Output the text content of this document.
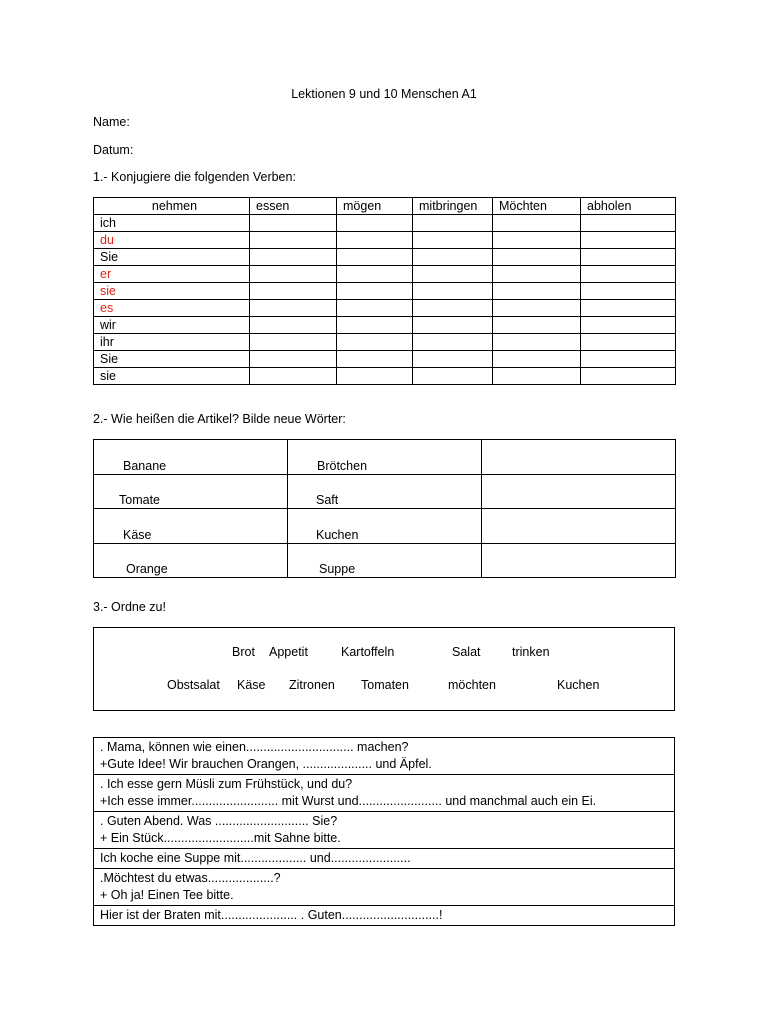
Lektionen 9 und 10 Menschen A1
Name:
Datum:
1.- Konjugiere die folgenden Verben:
nehmen	essen	mögen	mitbringen	Möchten	abholen
ich					
du					
Sie					
er					
sie					
es					
wir					
ihr					
Sie					
sie					
2.- Wie heißen die Artikel? Bilde neue Wörter:
Banane	Brötchen	
Tomate	Saft	
Käse	Kuchen	
Orange	Suppe	
3.- Ordne zu!
Brot Appetit	Kartoffeln	Salat	trinken
Obstsalat Käse Zitronen Tomaten	möchten	Kuchen
. Mama, können wie einen............................... machen?
+Gute Idee! Wir brauchen Orangen, .................... und Äpfel.

. Ich esse gern Müsli zum Frühstück, und du?
+Ich esse immer......................... mit Wurst und........................ und manchmal auch ein Ei.

. Guten Abend. Was ........................... Sie?
+ Ein Stück..........................mit Sahne bitte.

Ich koche eine Suppe mit................... und.......................

.Möchtest du etwas...................?
+ Oh ja! Einen Tee bitte.

Hier ist der Braten mit...................... . Guten............................!
